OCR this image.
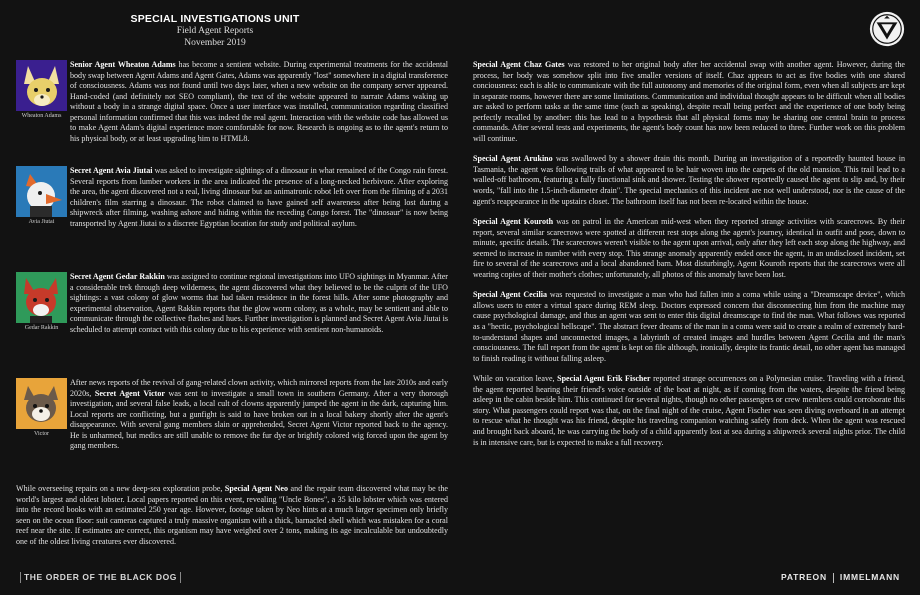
SPECIAL INVESTIGATIONS UNIT
Field Agent Reports
November 2019
Wheaton Adams
Senior Agent Wheaton Adams has become a sentient website. During experimental treatments for the accidental body swap between Agent Adams and Agent Gates, Adams was apparently "lost" somewhere in a digital transference of consciousness. Adams was not found until two days later, when a new website on the company server appeared. Hand-coded (and definitely not SEO compliant), the text of the website appeared to narrate Adams waking up without a body in a strange digital space. Once a user interface was installed, communication regarding classified personal information confirmed that this was indeed the real agent. Interaction with the website code has allowed us to make Agent Adam's digital experience more comfortable for now. Research is ongoing as to the agent's return to his physical body, or at least upgrading him to HTML8.
Avia Jiutai
Secret Agent Avia Jiutai was asked to investigate sightings of a dinosaur in what remained of the Congo rain forest. Several reports from lumber workers in the area indicated the presence of a long-necked herbivore. After exploring the area, the agent discovered not a real, living dinosaur but an animatronic robot left over from the filming of a 2031 children's film starring a dinosaur. The robot claimed to have gained self awareness after being lost during a shipwreck after filming, washing ashore and hiding within the receding Congo forest. The "dinosaur" is now being transported by Agent Jiutai to a discrete Egyptian location for study and political asylum.
Gedar Rakkin
Secret Agent Gedar Rakkin was assigned to continue regional investigations into UFO sightings in Myanmar. After a considerable trek through deep wilderness, the agent discovered what they believed to be the culprit of the UFO sightings: a vast colony of glow worms that had taken residence in the forest hills. After some photography and experimental observation, Agent Rakkin reports that the glow worm colony, as a whole, may be sentient and able to communicate through the collective flashes and hues. Further investigation is planned and Secret Agent Avia Jiutai is scheduled to attempt contact with this colony due to his experience with sentient non-humanoids.
Victor
After news reports of the revival of gang-related clown activity, which mirrored reports from the late 2010s and early 2020s, Secret Agent Victor was sent to investigate a small town in southern Germany. After a very thorough investigation, and several false leads, a local cult of clowns apparently jumped the agent in the dark, capturing him. Local reports are conflicting, but a gunfight is said to have broken out in a local bakery shortly after the agent's disappearance. With several gang members slain or apprehended, Secret Agent Victor reported back to the agency. He is unharmed, but medics are still unable to remove the fur dye or brightly colored wig forced upon the agent by gang members.
While overseeing repairs on a new deep-sea exploration probe, Special Agent Neo and the repair team discovered what may be the world's largest and oldest lobster. Local papers reported on this event, revealing "Uncle Bones", a 35 kilo lobster which was entered into the record books with an estimated 250 year age. However, footage taken by Neo hints at a much larger specimen only briefly seen on the ocean floor: suit cameras captured a truly massive organism with a thick, barnacled shell which was mistaken for a coral reef near the site. If estimates are correct, this organism may have weighed over 2 tons, making its age incalculable but undoubtedly one of the oldest living creatures ever discovered.
Special Agent Chaz Gates was restored to her original body after her accidental swap with another agent. However, during the process, her body was somehow split into five smaller versions of itself. Chaz appears to act as five bodies with one shared conciousness: each is able to communicate with the full autonomy and memories of the original form, even when all subjects are kept in separate rooms, however there are some limitations. Communication and individual thought appears to be difficult when all bodies are asked to perform tasks at the same time (such as speaking), despite recall being perfect and the experience of one body being perfectly recalled by another: this has lead to a hypothesis that all physical forms may be sharing one central brain to process commands. After several tests and experiments, the agent's body count has now been reduced to three. Further work on this problem will continue.
Special Agent Arukino was swallowed by a shower drain this month. During an investigation of a reportedly haunted house in Tasmania, the agent was following trails of what appeared to be hair woven into the carpets of the old mansion. This trail lead to a walled-off bathroom, featuring a fully functional sink and shower. Testing the shower reportedly caused the agent to slip and, by their words, "fall into the 1.5-inch-diameter drain". The special mechanics of this incident are not well understood, nor is the cause of the agent's reappearance in the upstairs closet. The bathroom itself has not been re-located within the house.
Special Agent Kouroth was on patrol in the American mid-west when they reported strange activities with scarecrows. By their report, several similar scarecrows were spotted at different rest stops along the agent's journey, identical in outfit and pose, down to minute, specific details. The scarecrows weren't visible to the agent upon arrival, only after they left each stop along the highway, and seemed to increase in number with every stop. This strange anomaly apparently ended once the agent, in an undisclosed incident, set fire to several of the scarecrows and a local abandoned barn. Most disturbingly, Agent Kouroth reports that the scarecrows were all wearing copies of their mother's clothes; unfortunately, all photos of this anomaly have been lost.
Special Agent Cecilia was requested to investigate a man who had fallen into a coma while using a "Dreamscape device", which allows users to enter a virtual space during REM sleep. Doctors expressed concern that disconnecting him from the machine may cause psychological damage, and thus an agent was sent to enter this digital dreamscape to find the man. What follows was reported as a "hectic, psychological hellscape". The abstract fever dreams of the man in a coma were said to create a realm of extremely hard-to-understand shapes and unconnected images, a labyrinth of created images and hurdles between Agent Cecilia and the man's consciousness. The full report from the agent is kept on file although, ironically, despite its frantic detail, no other agent has managed to finish reading it without falling asleep.
While on vacation leave, Special Agent Erik Fischer reported strange occurrences on a Polynesian cruise. Traveling with a friend, the agent reported hearing their friend's voice outside of the boat at night, as if coming from the waters, despite the friend being asleep in the cabin beside him. This continued for several nights, though no other passengers or crew members could corroborate this story. What passengers could report was that, on the final night of the cruise, Agent Fischer was seen diving overboard in an attempt to rescue what he thought was his friend, despite his traveling companion watching safely from deck. When the agent was rescued and brought back aboard, he was carrying the body of a child apparently lost at sea during a shipwreck several nights prior. The child is in intensive care, but is expected to make a full recovery.
THE ORDER OF THE BLACK DOG	PATREON IMMELMANN
